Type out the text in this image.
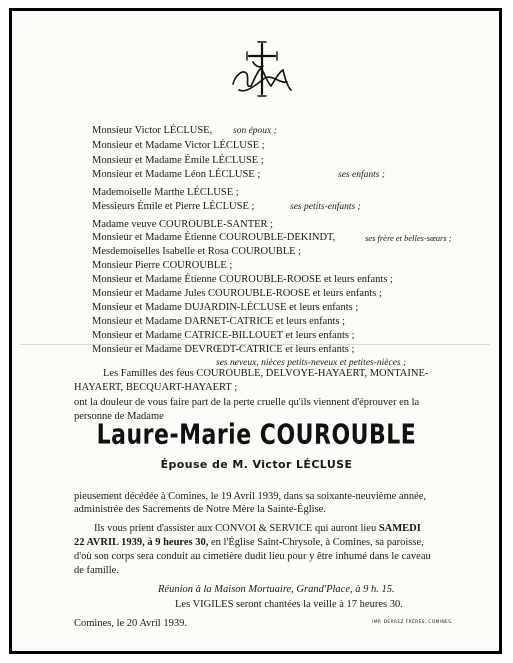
Monsieur Victor LÉCLUSE, son époux ;
Monsieur et Madame Victor LÉCLUSE ;
Monsieur et Madame Émile LÉCLUSE ;
Monsieur et Madame Léon LÉCLUSE ;	ses enfants ;
Mademoiselle Marthe LÉCLUSE ;
Messieurs Émile et Pierre LÉCLUSE ;	ses petits-enfants ;
Madame veuve COUROUBLE-SANTER ;
Monsieur et Madame Étienne COUROUBLE-DEKINDT,	ses frère et belles-sœurs ;
Mesdemoiselles Isabelle et Rosa COUROUBLE ;
Monsieur Pierre COUROUBLE ;
Monsieur et Madame Étienne COUROUBLE-ROOSE et leurs enfants ;
Monsieur et Madame Jules COUROUBLE-ROOSE et leurs enfants ;
Monsieur et Madame DUJARDIN-LÉCLUSE et leurs enfants ;
Monsieur et Madame DARNET-CATRICE et leurs enfants ;
Monsieur et Madame CATRICE-BILLOUET et leurs enfants ;
Monsieur et Madame DEVRŒDT-CATRICE et leurs enfants ;
ses neveux, nièces petits-neveux et petites-nièces ;
Les Familles des feus COUROUBLE, DELVOYE-HAYAERT, MONTAINE-
HAYAERT, BECQUART-HAYAERT ;
ont la douleur de vous faire part de la perte cruelle qu'ils viennent d'éprouver en la
personne de Madame
Laure-Marie COUROUBLE
Épouse de M. Victor LÉCLUSE
pieusement décédée à Comines, le 19 Avril 1939, dans sa soixante-neuvième année,
administrée des Sacrements de Notre Mère la Sainte-Église.
Ils vous prient d'assister aux CONVOI & SERVICE qui auront lieu SAMEDI
22 AVRIL 1939, à 9 heures 30, en l'Église Saint-Chrysole, à Comines, sa paroisse,
d'où son corps sera conduit au cimetière dudit lieu pour y être inhumé dans le caveau
de famille.
Réunion à la Maison Mortuaire, Grand'Place, à 9 h. 15.
Les VIGILES seront chantées la veille à 17 heures 30.
Comines, le 20 Avril 1939.	IMP. DERREZ FRÈRES, COMINES.
